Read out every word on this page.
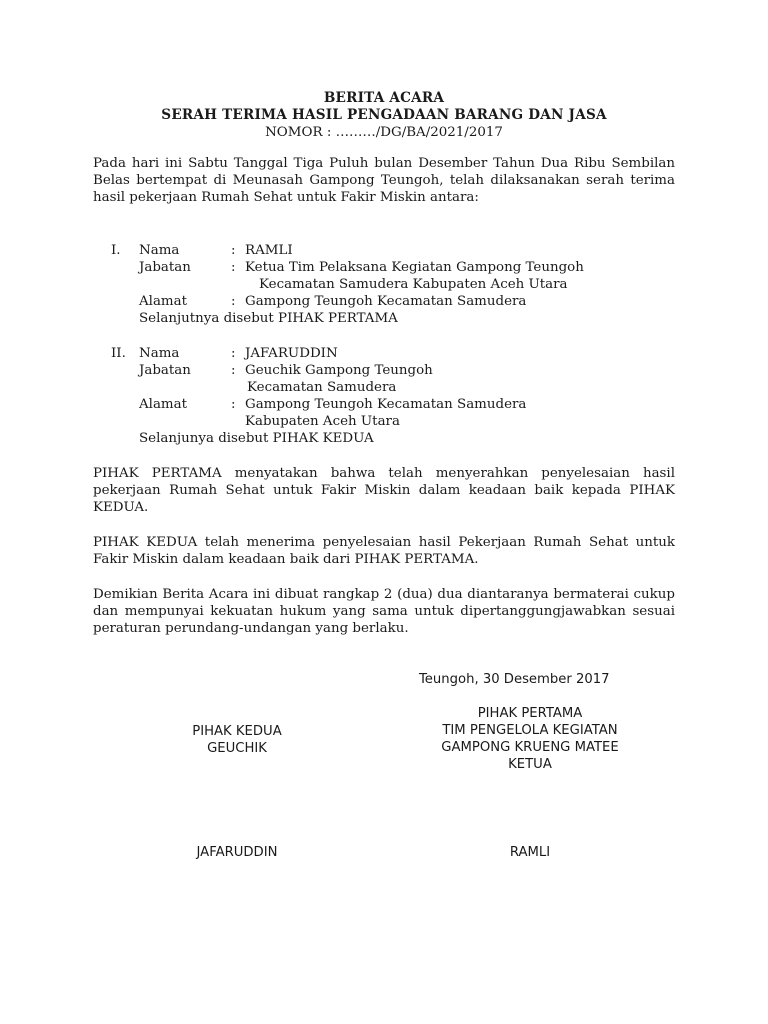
BERITA ACARA
SERAH TERIMA HASIL PENGADAAN BARANG DAN JASA
NOMOR : ………/DG/BA/2021/2017
Pada hari ini Sabtu Tanggal Tiga Puluh bulan Desember Tahun Dua Ribu Sembilan Belas bertempat di Meunasah Gampong Teungoh, telah dilaksanakan serah terima hasil pekerjaan Rumah Sehat untuk Fakir Miskin antara:
I. Nama	: RAMLI
Jabatan	: Ketua Tim Pelaksana Kegiatan Gampong Teungoh
Kecamatan Samudera Kabupaten Aceh Utara
Alamat	: Gampong Teungoh Kecamatan Samudera
Selanjutnya disebut PIHAK PERTAMA
II. Nama	: JAFARUDDIN
Jabatan	: Geuchik Gampong Teungoh
Kecamatan Samudera
Alamat	: Gampong Teungoh Kecamatan Samudera
Kabupaten Aceh Utara
Selanjunya disebut PIHAK KEDUA
PIHAK PERTAMA menyatakan bahwa telah menyerahkan penyelesaian hasil pekerjaan Rumah Sehat untuk Fakir Miskin dalam keadaan baik kepada PIHAK KEDUA.
PIHAK KEDUA telah menerima penyelesaian hasil Pekerjaan Rumah Sehat untuk Fakir Miskin dalam keadaan baik dari PIHAK PERTAMA.
Demikian Berita Acara ini dibuat rangkap 2 (dua) dua diantaranya bermaterai cukup dan mempunyai kekuatan hukum yang sama untuk dipertanggungjawabkan sesuai peraturan perundang-undangan yang berlaku.
Teungoh, 30 Desember 2017
PIHAK KEDUA
GEUCHIK
JAFARUDDIN
PIHAK PERTAMA
TIM PENGELOLA KEGIATAN
GAMPONG KRUENG MATEE
KETUA
RAMLI
